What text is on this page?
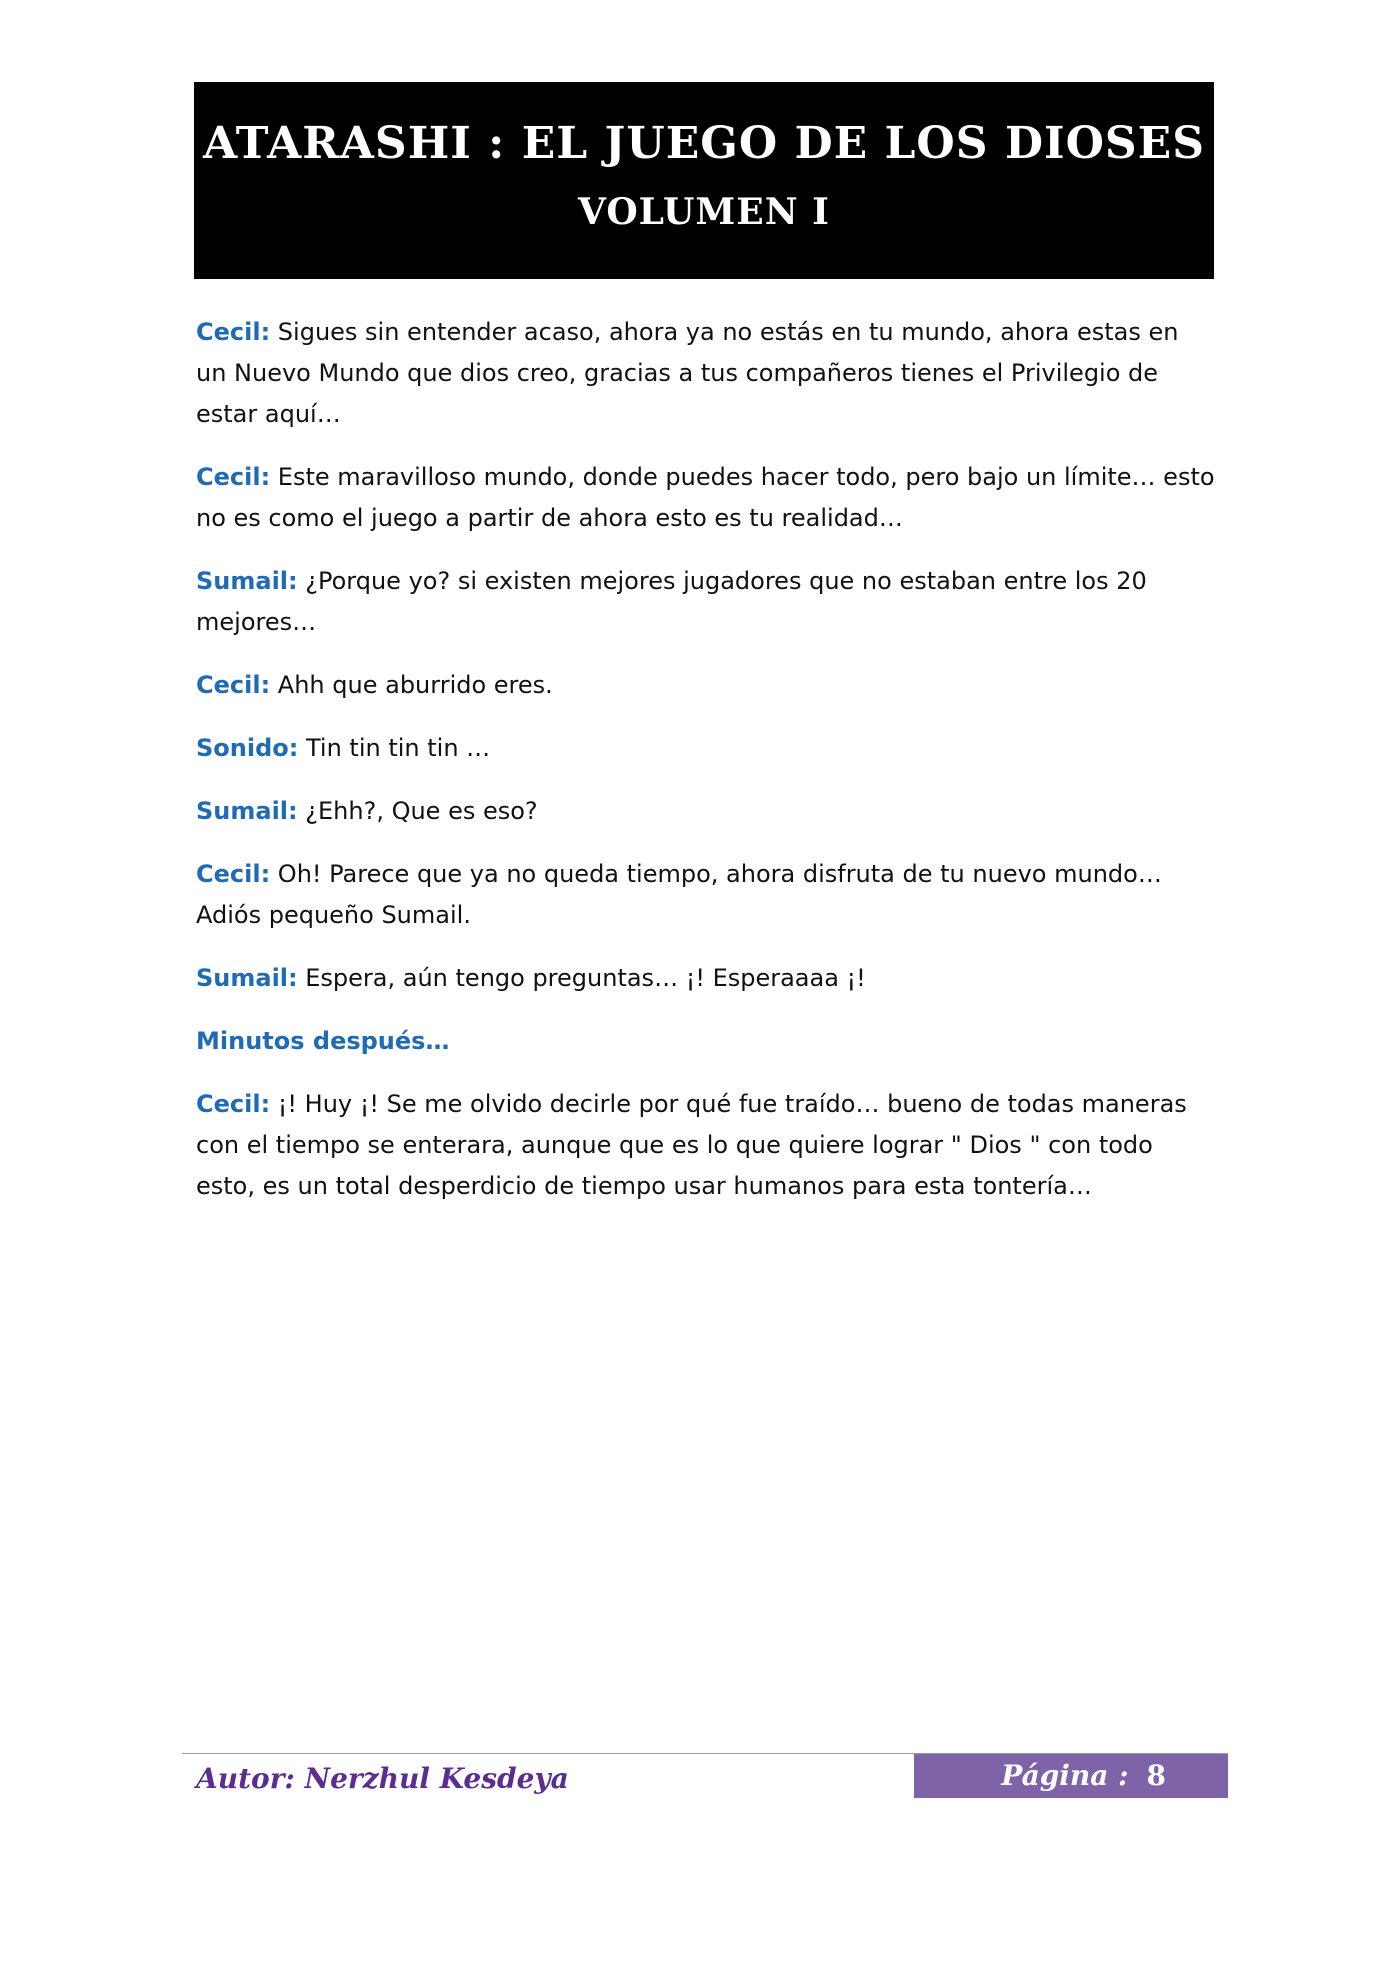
ATARASHI : EL JUEGO DE LOS DIOSES
VOLUMEN I

Cecil: Sigues sin entender acaso, ahora ya no estás en tu mundo, ahora estas en un Nuevo Mundo que dios creo, gracias a tus compañeros tienes el Privilegio de estar aquí…

Cecil: Este maravilloso mundo, donde puedes hacer todo, pero bajo un límite… esto no es como el juego a partir de ahora esto es tu realidad…

Sumail: ¿Porque yo? si existen mejores jugadores que no estaban entre los 20 mejores…

Cecil: Ahh que aburrido eres.

Sonido: Tin tin tin tin …

Sumail: ¿Ehh?, Que es eso?

Cecil: Oh! Parece que ya no queda tiempo, ahora disfruta de tu nuevo mundo… Adiós pequeño Sumail.

Sumail: Espera, aún tengo preguntas… ¡! Esperaaaa ¡!

Minutos después…

Cecil: ¡! Huy ¡! Se me olvido decirle por qué fue traído… bueno de todas maneras con el tiempo se enterara, aunque que es lo que quiere lograr " Dios " con todo esto, es un total desperdicio de tiempo usar humanos para esta tontería…

Autor: Nerzhul Kesdeya	Página : 8
